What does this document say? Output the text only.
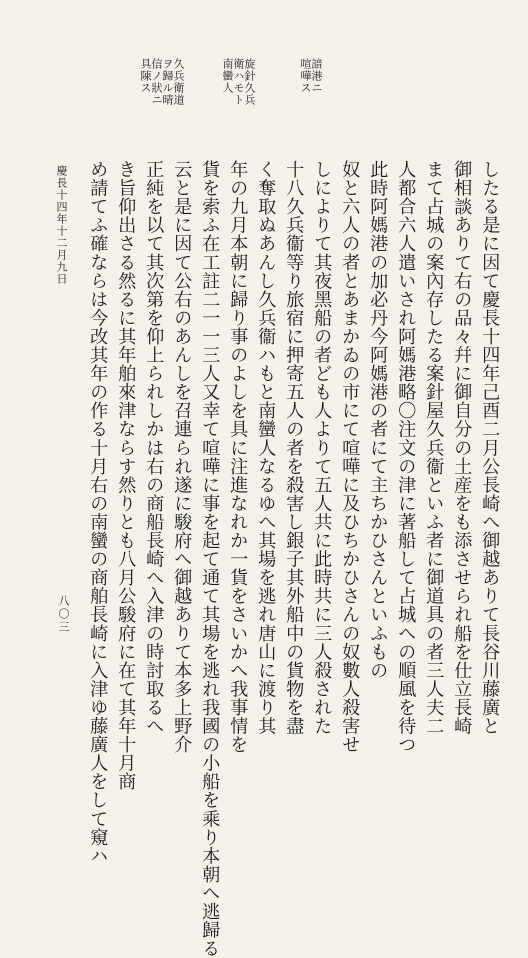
諳港ニ
喧嘩ス
旋針久兵
衛ハモト
南蠻人
久兵衛道
ヲ歸ル晴
信ノ狀ニ
具陳ス
したる是に因て慶長十四年己酉二月公長崎へ御越ありて長谷川藤廣と
御相談ありて右の品々幷に御自分の土産をも添させられ船を仕立長崎
まて占城の案內存したる案針屋久兵衞といふ者に御道具の者三人夫二
人都合六人遣いされ阿媽港略〇注文の津に著船して占城への順風を待つ
此時阿媽港の加必丹今阿媽港の者にて主ちかひさんといふもの
奴と六人の者とあまかゐの市にて喧嘩に及ひちかひさんの奴數人殺害せ
しによりて其夜黑船の者ども人よりて五人共に此時共に三人殺された
十八久兵衞等り旅宿に押寄五人の者を殺害し銀子其外船中の貨物を盡
く奪取ぬあんし久兵衞ハもと南蠻人なるゆへ其場を逃れ唐山に渡り其
年の九月本朝に歸り事のよしを具に注進なれか一貨をさいかへ我事情を
貨を索ふ在工註二一一三人又幸て喧嘩に事を起て通て其場を逃れ我國の小船を乘り本朝へ逃歸る
云と是に因て公右のあんしを召連られ遂に駿府へ御越ありて本多上野介
正純を以て其次第を仰上られしかは右の商船長崎へ入津の時討取るへ
き旨仰出さる然るに其年舶來津ならす然りとも八月公駿府に在て其年十月商
め請てふ確ならは今改其年の作る十月右の南蠻の商舶長崎に入津ゆ藤廣人をして窺ハ
慶長十四年十二月九日
八〇三
